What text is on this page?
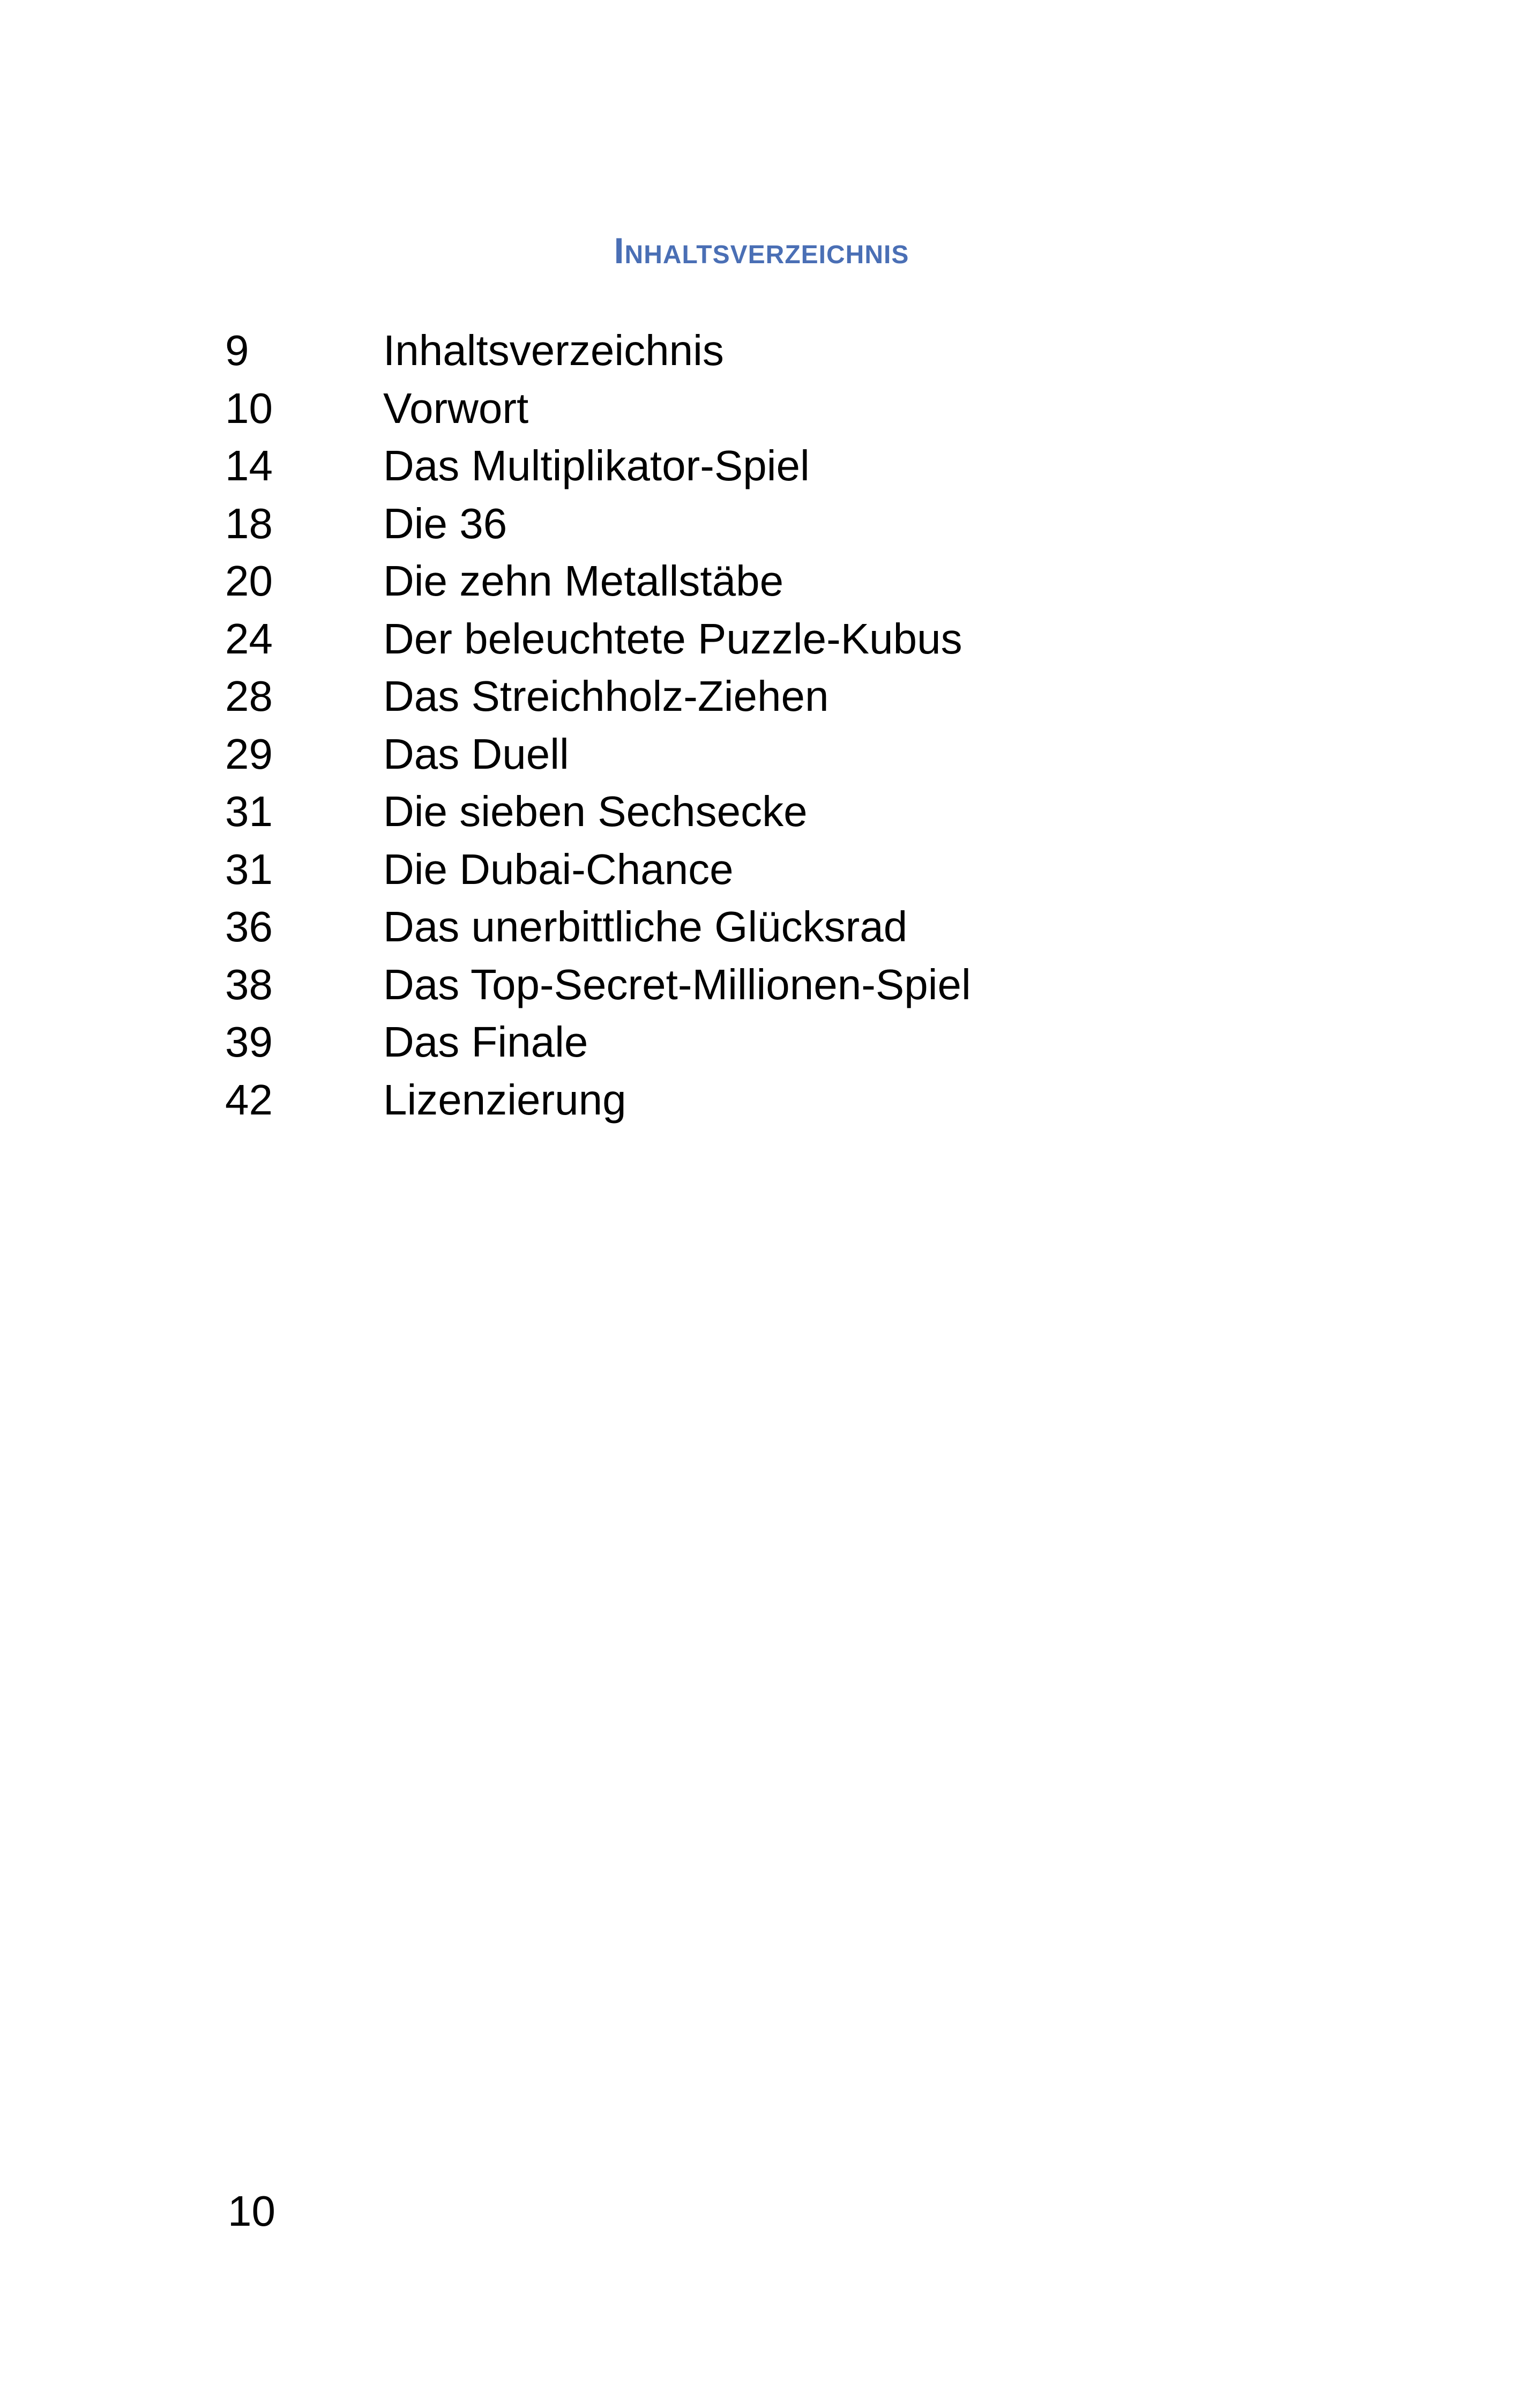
Inhaltsverzeichnis
9	Inhaltsverzeichnis
10	Vorwort
14	Das Multiplikator-Spiel
18	Die 36
20	Die zehn Metallstäbe
24	Der beleuchtete Puzzle-Kubus
28	Das Streichholz-Ziehen
29	Das Duell
31	Die sieben Sechsecke
31	Die Dubai-Chance
36	Das unerbittliche Glücksrad
38	Das Top-Secret-Millionen-Spiel
39	Das Finale
42	Lizenzierung
10
